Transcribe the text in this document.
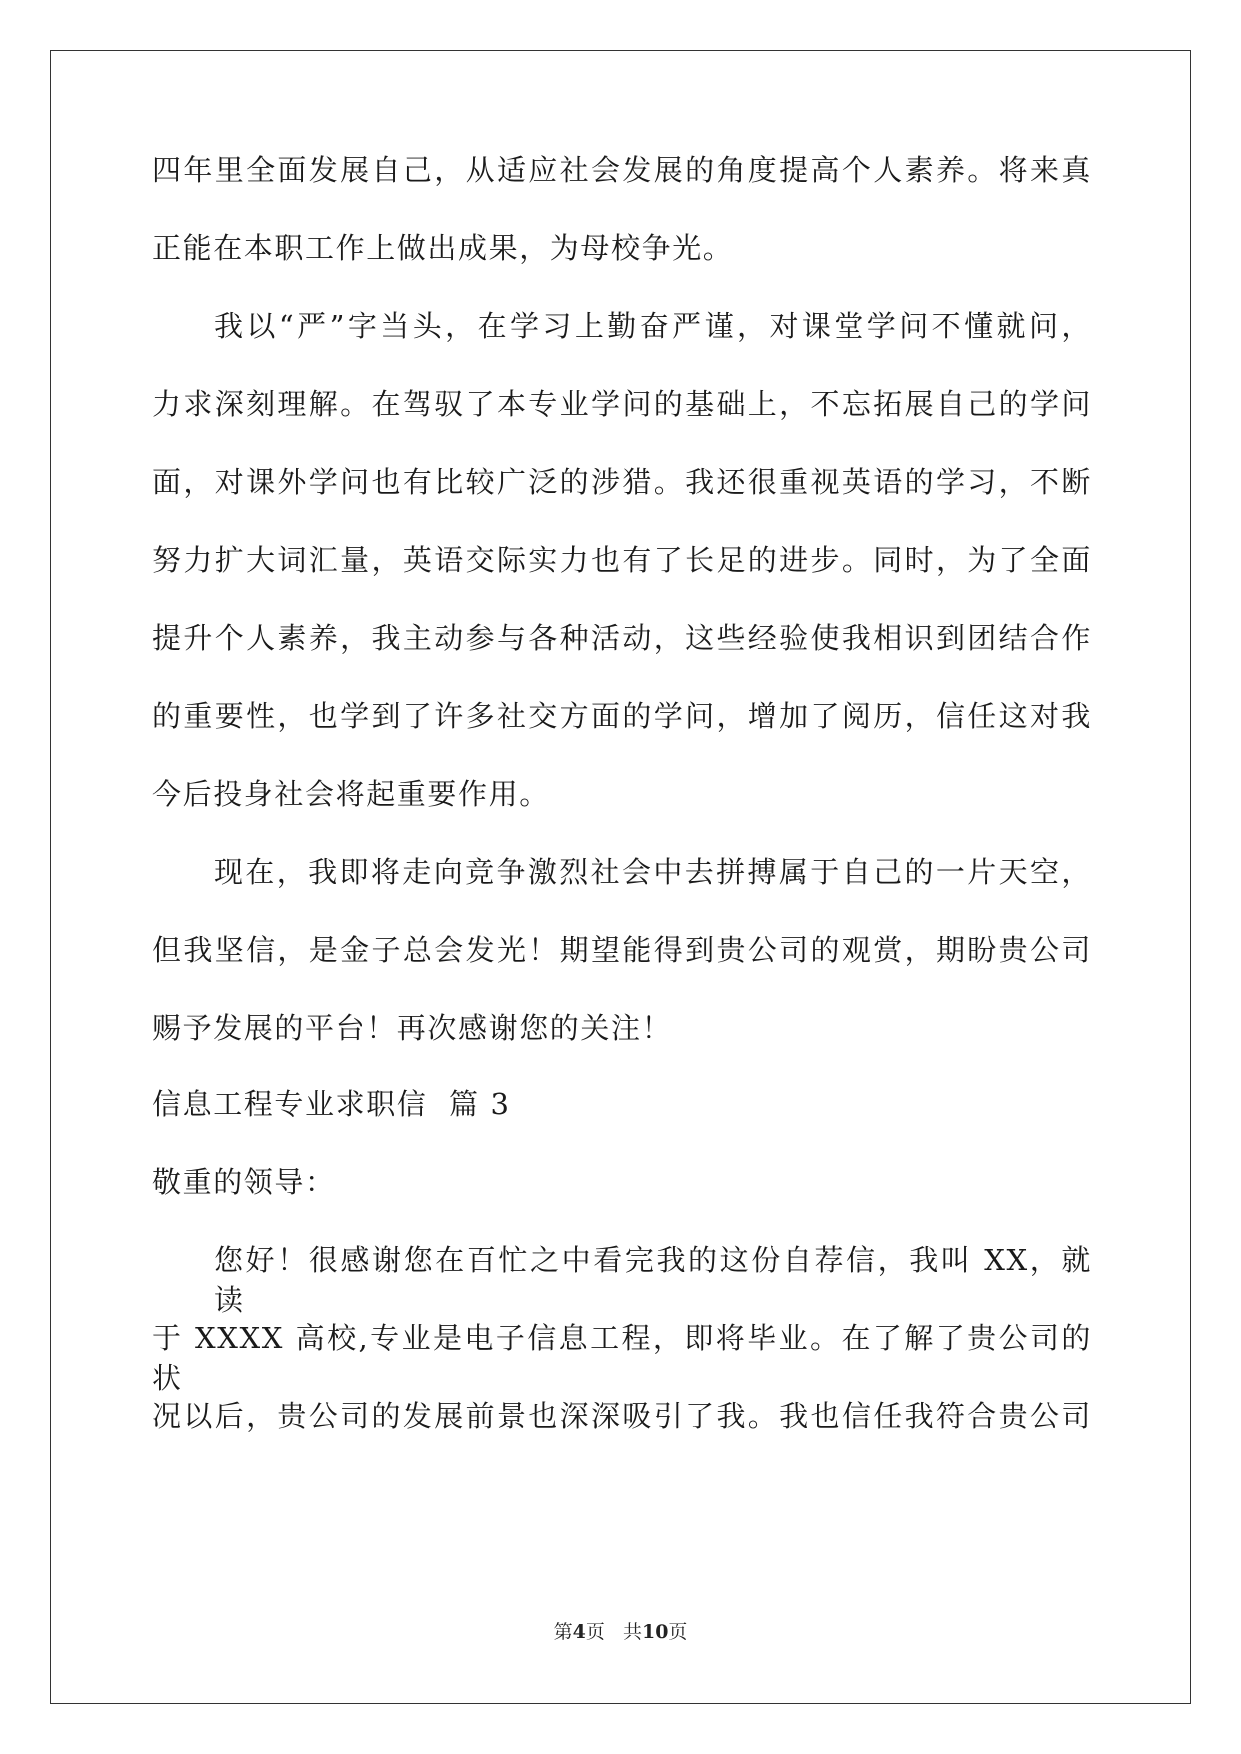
四年里全面发展自己，从适应社会发展的角度提高个人素养。将来真
正能在本职工作上做出成果，为母校争光。
我以“严”字当头，在学习上勤奋严谨，对课堂学问不懂就问，
力求深刻理解。在驾驭了本专业学问的基础上，不忘拓展自己的学问
面，对课外学问也有比较广泛的涉猎。我还很重视英语的学习，不断
努力扩大词汇量，英语交际实力也有了长足的进步。同时，为了全面
提升个人素养，我主动参与各种活动，这些经验使我相识到团结合作
的重要性，也学到了许多社交方面的学问，增加了阅历，信任这对我
今后投身社会将起重要作用。
现在，我即将走向竞争激烈社会中去拼搏属于自己的一片天空，
但我坚信，是金子总会发光！期望能得到贵公司的观赏，期盼贵公司
赐予发展的平台！再次感谢您的关注！
信息工程专业求职信  篇 3
敬重的领导：
您好！很感谢您在百忙之中看完我的这份自荐信，我叫 XX，就读
于 XXXX 高校,专业是电子信息工程，即将毕业。在了解了贵公司的状
况以后，贵公司的发展前景也深深吸引了我。我也信任我符合贵公司
第4页 共10页
